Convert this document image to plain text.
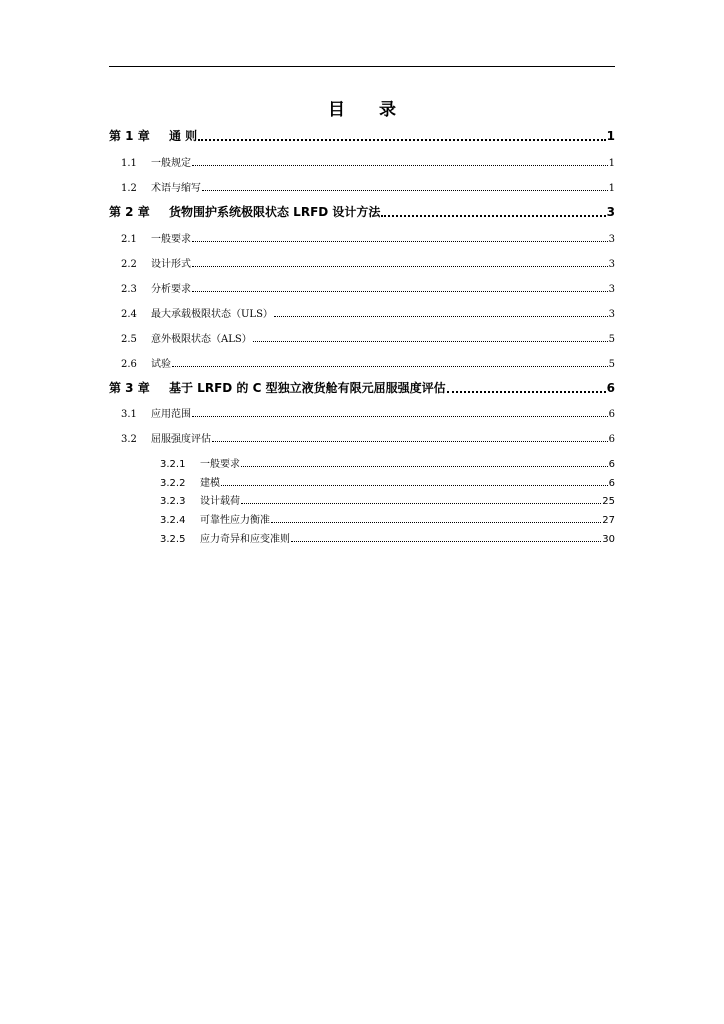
目 录
第 1 章	通 则	1
1.1	一般规定	1
1.2	术语与缩写	1
第 2 章	货物围护系统极限状态 LRFD 设计方法	3
2.1	一般要求	3
2.2	设计形式	3
2.3	分析要求	3
2.4	最大承载极限状态（ULS）	3
2.5	意外极限状态（ALS）	5
2.6	试验	5
第 3 章	基于 LRFD 的 C 型独立液货舱有限元屈服强度评估	6
3.1	应用范围	6
3.2	屈服强度评估	6
3.2.1	一般要求	6
3.2.2	建模	6
3.2.3	设计载荷	25
3.2.4	可靠性应力衡准	27
3.2.5	应力奇异和应变准则	30
